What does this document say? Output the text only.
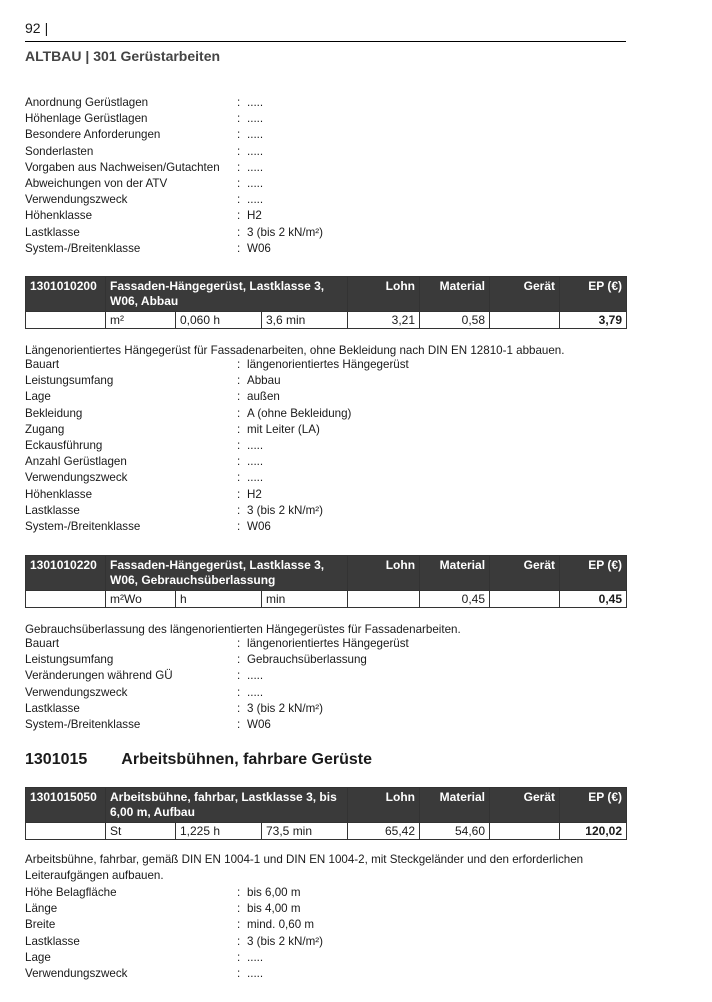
92 |
ALTBAU | 301 Gerüstarbeiten
Anordnung Gerüstlagen	: .....
Höhenlage Gerüstlagen	: .....
Besondere Anforderungen	: .....
Sonderlasten	: .....
Vorgaben aus Nachweisen/Gutachten	: .....
Abweichungen von der ATV	: .....
Verwendungszweck	: .....
Höhenklasse	: H2
Lastklasse	: 3 (bis 2 kN/m²)
System-/Breitenklasse	: W06
1301010200	Fassaden-Hängegerüst, Lastklasse 3, W06, Abbau			Lohn	Material	Gerät	EP (€)
	m²	0,060 h	3,6 min	3,21	0,58		3,79
Längenorientiertes Hängegerüst für Fassadenarbeiten, ohne Bekleidung nach DIN EN 12810-1 abbauen.
Bauart	: längenorientiertes Hängegerüst
Leistungsumfang	: Abbau
Lage	: außen
Bekleidung	: A (ohne Bekleidung)
Zugang	: mit Leiter (LA)
Eckausführung	: .....
Anzahl Gerüstlagen	: .....
Verwendungszweck	: .....
Höhenklasse	: H2
Lastklasse	: 3 (bis 2 kN/m²)
System-/Breitenklasse	: W06
1301010220	Fassaden-Hängegerüst, Lastklasse 3, W06, Gebrauchsüberlassung			Lohn	Material	Gerät	EP (€)
	m²Wo	h	min		0,45		0,45
Gebrauchsüberlassung des längenorientierten Hängegerüstes für Fassadenarbeiten.
Bauart	: längenorientiertes Hängegerüst
Leistungsumfang	: Gebrauchsüberlassung
Veränderungen während GÜ	: .....
Verwendungszweck	: .....
Lastklasse	: 3 (bis 2 kN/m²)
System-/Breitenklasse	: W06
1301015 Arbeitsbühnen, fahrbare Gerüste
1301015050	Arbeitsbühne, fahrbar, Lastklasse 3, bis 6,00 m, Aufbau			Lohn	Material	Gerät	EP (€)
	St	1,225 h	73,5 min	65,42	54,60		120,02
Arbeitsbühne, fahrbar, gemäß DIN EN 1004-1 und DIN EN 1004-2, mit Steckgeländer und den erforderlichen Leiteraufgängen aufbauen.
Höhe Belagfläche	: bis 6,00 m
Länge	: bis 4,00 m
Breite	: mind. 0,60 m
Lastklasse	: 3 (bis 2 kN/m²)
Lage	: .....
Verwendungszweck	: .....
